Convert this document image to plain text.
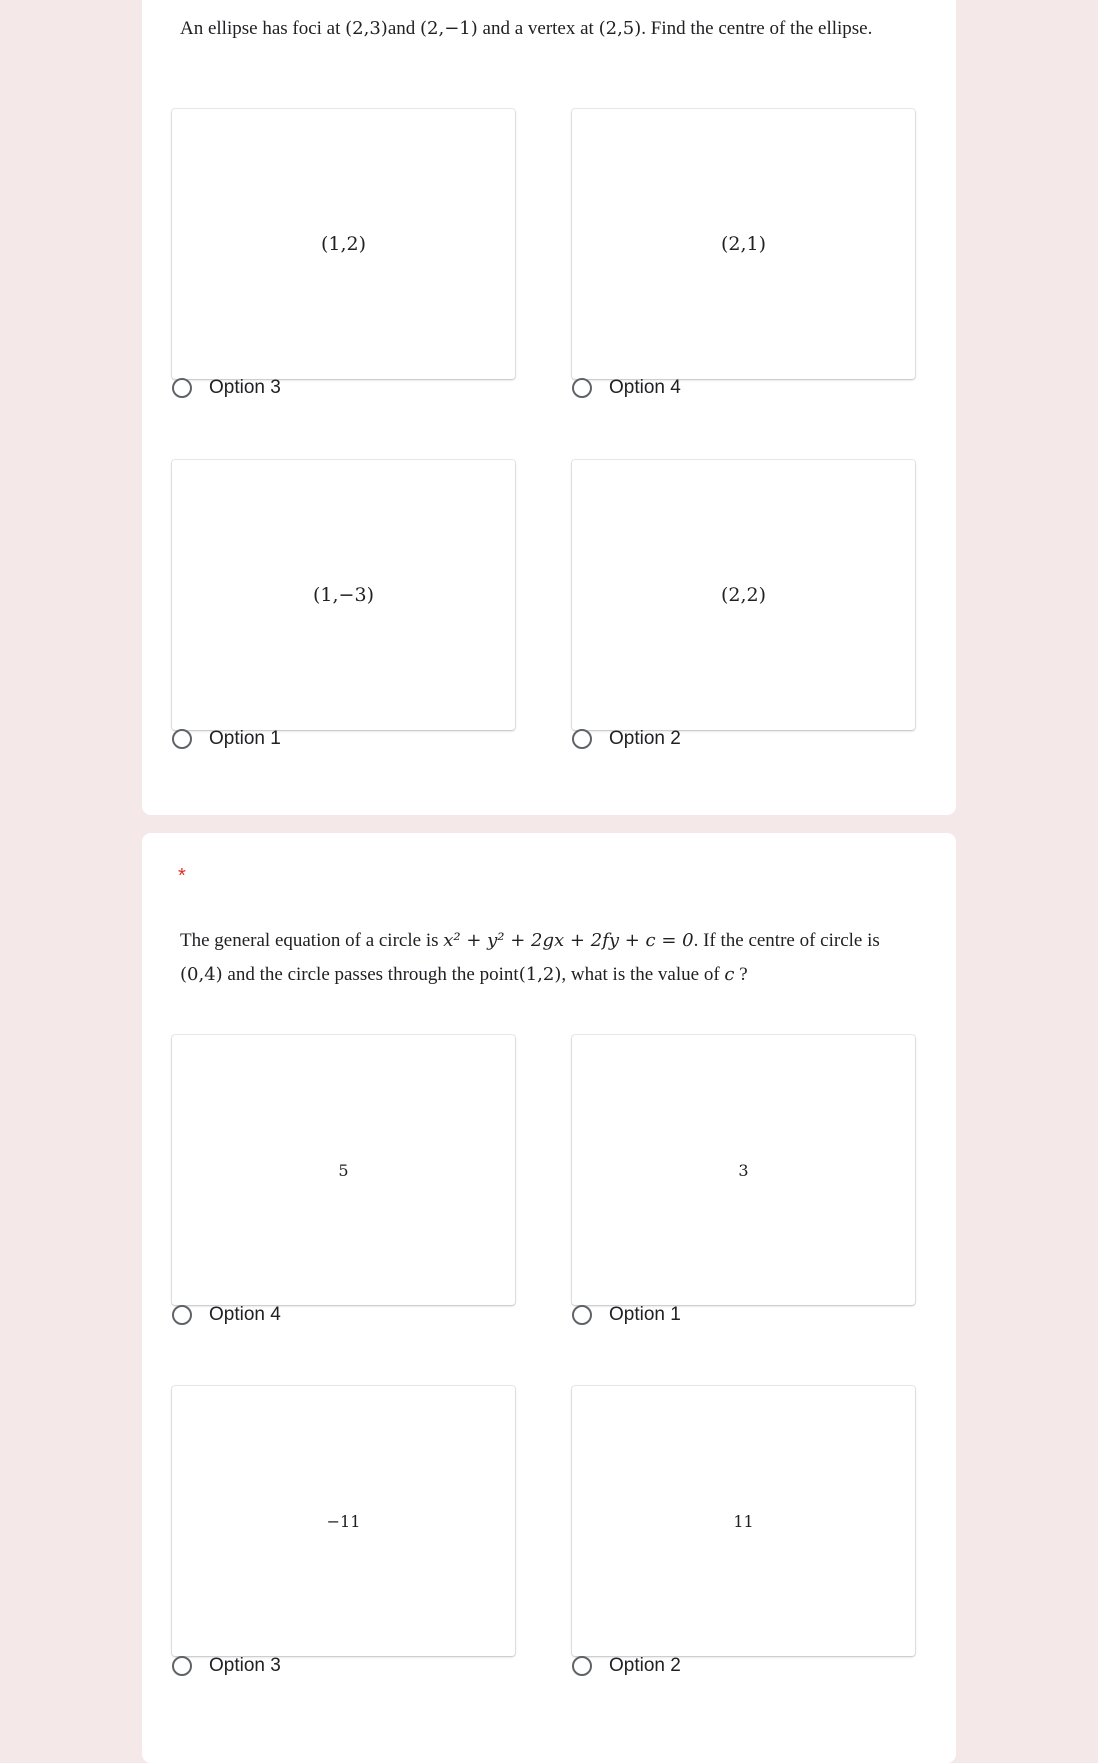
An ellipse has foci at (2,3)and (2,−1) and a vertex at (2,5). Find the centre of the ellipse.
(1,2)	(2,1)
Option 3	Option 4
(1,−3)	(2,2)
Option 1	Option 2
*
The general equation of a circle is x² + y² + 2gx + 2fy + c = 0. If the centre of circle is (0,4) and the circle passes through the point(1,2), what is the value of c ?
5	3
Option 4	Option 1
−11	11
Option 3	Option 2
